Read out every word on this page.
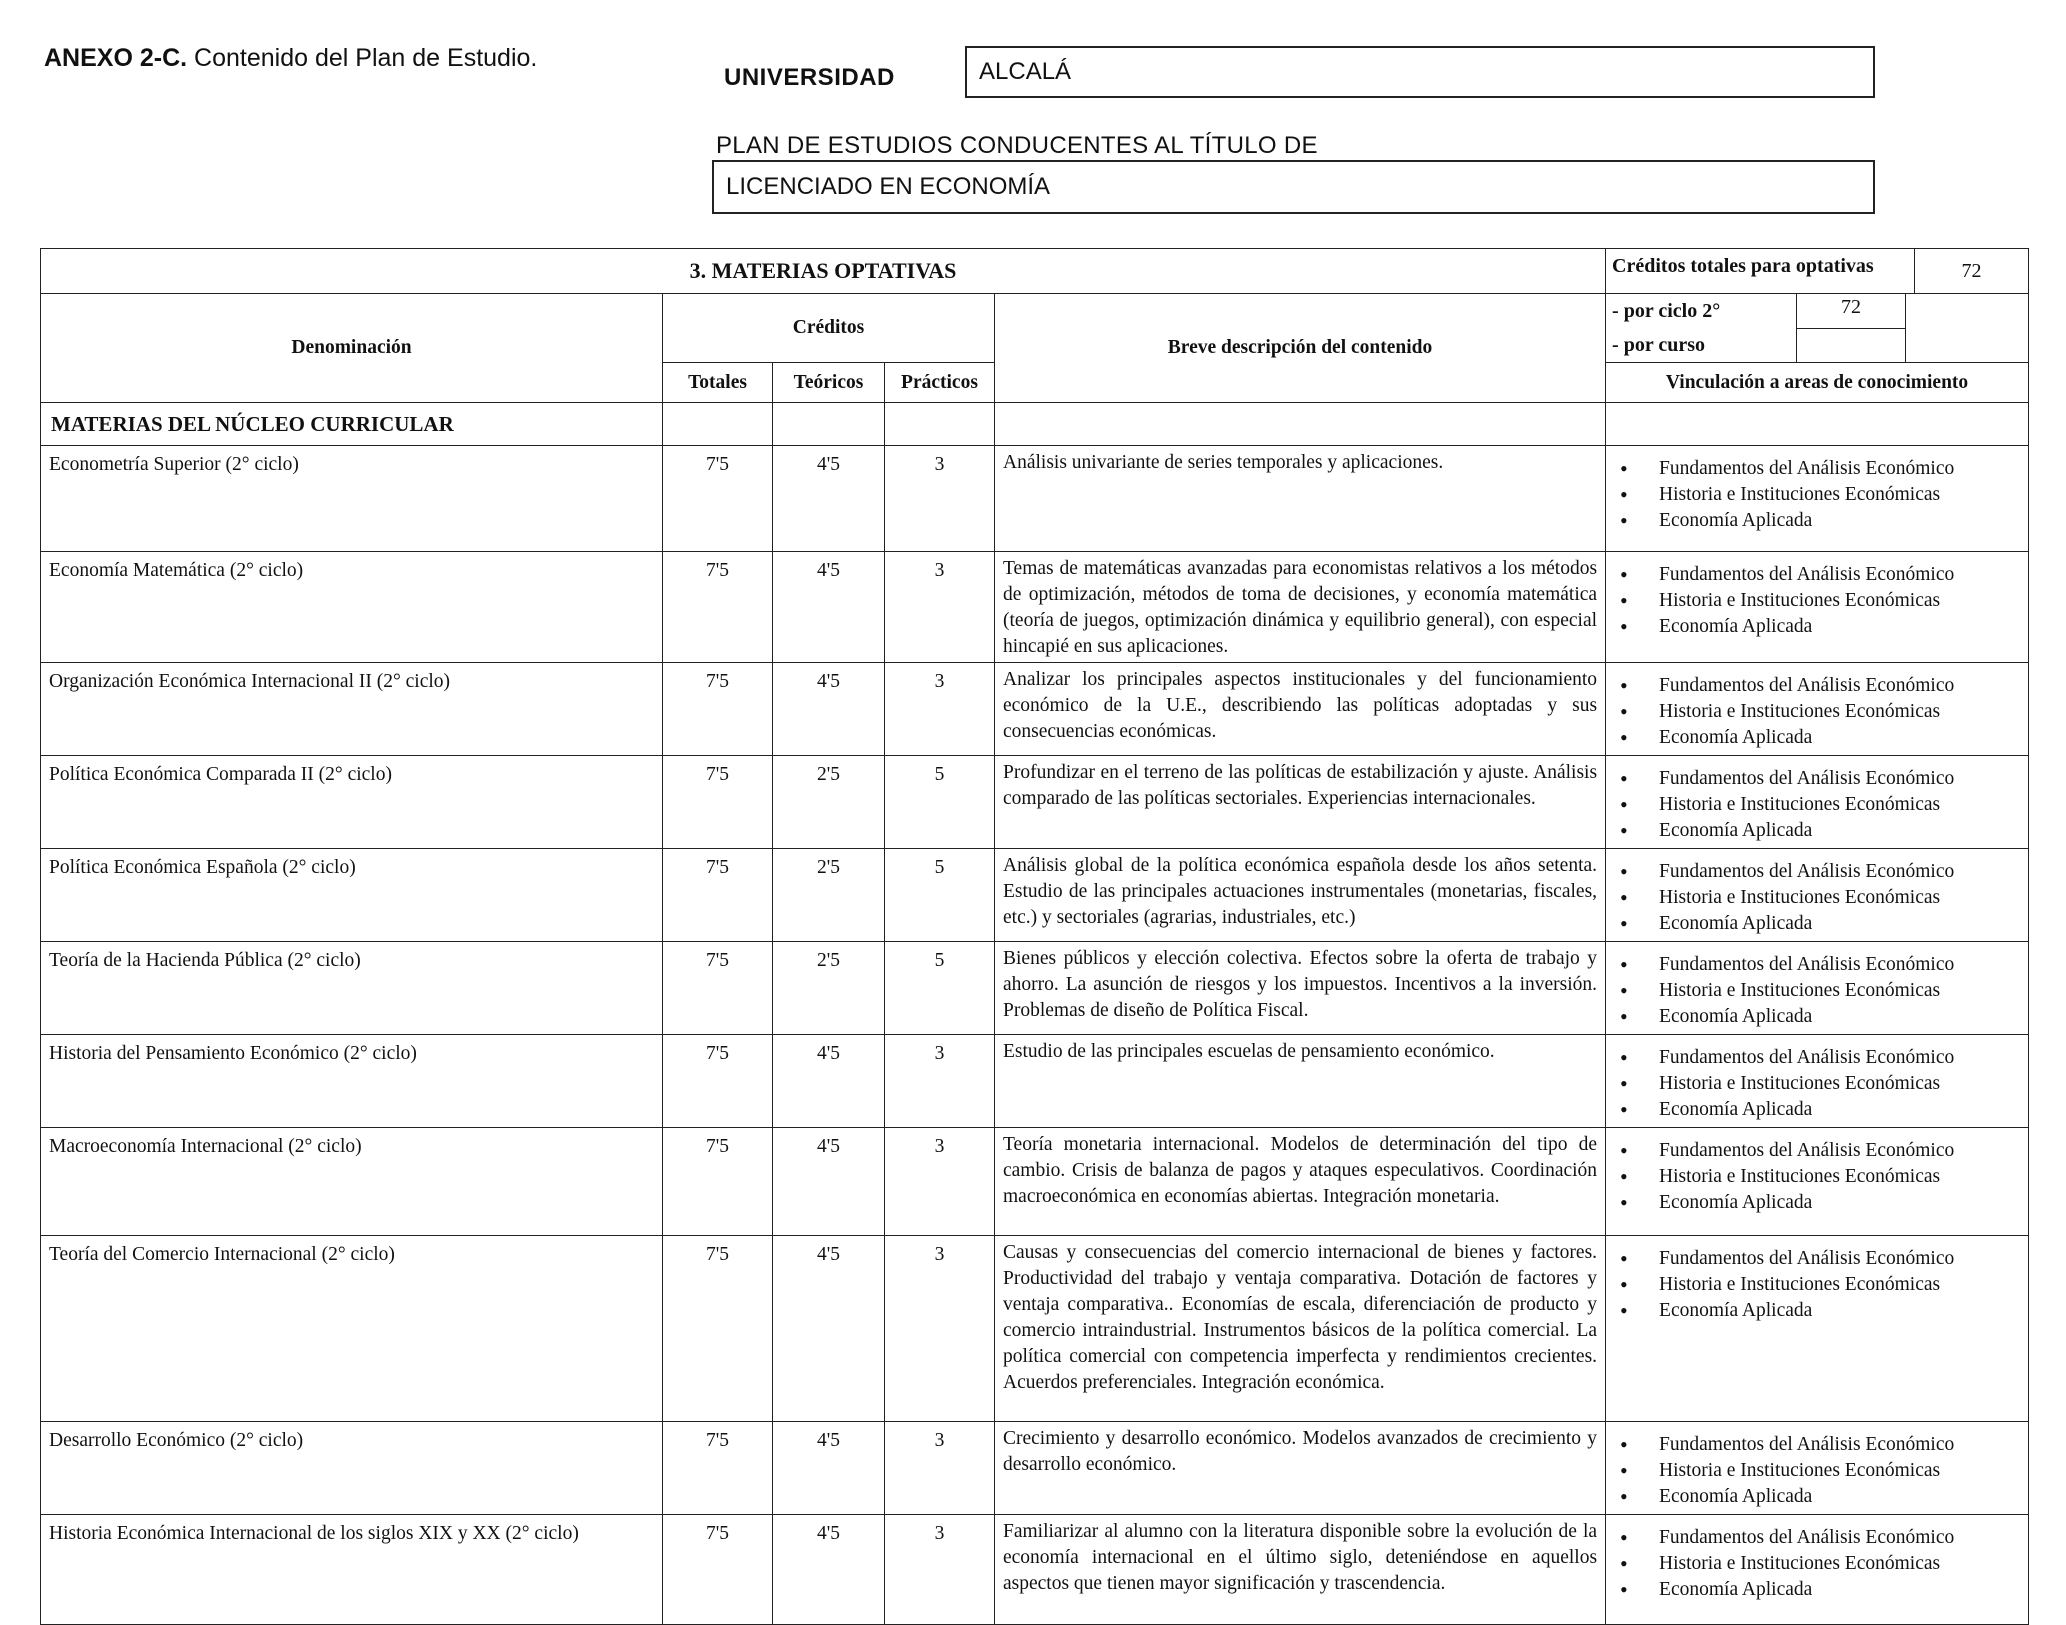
ANEXO 2-C. Contenido del Plan de Estudio.
UNIVERSIDAD	ALCALÁ
PLAN DE ESTUDIOS CONDUCENTES AL TÍTULO DE
LICENCIADO EN ECONOMÍA
3. MATERIAS OPTATIVAS		Créditos totales para optativas	72

Denominación	Créditos	Breve descripción del contenido	
- por ciclo 2°	72	
- por curso		

Totales	Teóricos	Prácticos	Vinculación a areas de conocimiento
MATERIAS DEL NÚCLEO CURRICULAR					
Econometría Superior (2° ciclo)	7'5	4'5	3	Análisis univariante de series temporales y aplicaciones.	
•Fundamentos del Análisis Económico
• Historia e Instituciones Económicas
• Economía Aplicada

Economía Matemática (2° ciclo)	7'5	4'5	3	Temas de matemáticas avanzadas para economistas relativos a los métodos de optimización, métodos de toma de decisiones, y economía matemática (teoría de juegos, optimización dinámica y equilibrio general), con especial hincapié en sus aplicaciones.	
• Fundamentos del Análisis Económico
• Historia e Instituciones Económicas
• Economía Aplicada

Organización Económica Internacional II (2° ciclo)	7'5	4'5	3	Analizar los principales aspectos institucionales y del funcionamiento económico de la U.E., describiendo las políticas adoptadas y sus consecuencias económicas.	
• Fundamentos del Análisis Económico
• Historia e Instituciones Económicas
• Economía Aplicada

Política Económica Comparada II (2° ciclo)	7'5	2'5	5	Profundizar en el terreno de las políticas de estabilización y ajuste. Análisis comparado de las políticas sectoriales. Experiencias internacionales.	
• Fundamentos del Análisis Económico
• Historia e Instituciones Económicas
• Economía Aplicada

Política Económica Española (2° ciclo)	7'5	2'5	5	Análisis global de la política económica española desde los años setenta. Estudio de las principales actuaciones instrumentales (monetarias, fiscales, etc.) y sectoriales (agrarias, industriales, etc.)	
• Fundamentos del Análisis Económico
• Historia e Instituciones Económicas
• Economía Aplicada

Teoría de la Hacienda Pública (2° ciclo)	7'5	2'5	5	Bienes públicos y elección colectiva. Efectos sobre la oferta de trabajo y ahorro. La asunción de riesgos y los impuestos. Incentivos a la inversión. Problemas de diseño de Política Fiscal.	
• Fundamentos del Análisis Económico
• Historia e Instituciones Económicas
• Economía Aplicada

Historia del Pensamiento Económico (2° ciclo)	7'5	4'5	3	Estudio de las principales escuelas de pensamiento económico.	
•Fundamentos del Análisis Económico
• Historia e Instituciones Económicas
• Economía Aplicada

Macroeconomía Internacional (2° ciclo)	7'5	4'5	3	Teoría monetaria internacional. Modelos de determinación del tipo de cambio. Crisis de balanza de pagos y ataques especulativos. Coordinación macroeconómica en economías abiertas. Integración monetaria.	
• Fundamentos del Análisis Económico
• Historia e Instituciones Económicas
• Economía Aplicada

Teoría del Comercio Internacional (2° ciclo)	7'5	4'5	3	Causas y consecuencias del comercio internacional de bienes y factores. Productividad del trabajo y ventaja comparativa. Dotación de factores y ventaja comparativa.. Economías de escala, diferenciación de producto y comercio intraindustrial. Instrumentos básicos de la política comercial. La política comercial con competencia imperfecta y rendimientos crecientes. Acuerdos preferenciales. Integración económica.	
• Fundamentos del Análisis Económico
• Historia e Instituciones Económicas
• Economía Aplicada

Desarrollo Económico (2° ciclo)	7'5	4'5	3	Crecimiento y desarrollo económico. Modelos avanzados de crecimiento y desarrollo económico.	
• Fundamentos del Análisis Económico
• Historia e Instituciones Económicas
• Economía Aplicada

Historia Económica Internacional de los siglos XIX y XX (2° ciclo)	7'5	4'5	3	Familiarizar al alumno con la literatura disponible sobre la evolución de la economía internacional en el último siglo, deteniéndose en aquellos aspectos que tienen mayor significación y trascendencia.	
• Fundamentos del Análisis Económico
• Historia e Instituciones Económicas
• Economía Aplicada
